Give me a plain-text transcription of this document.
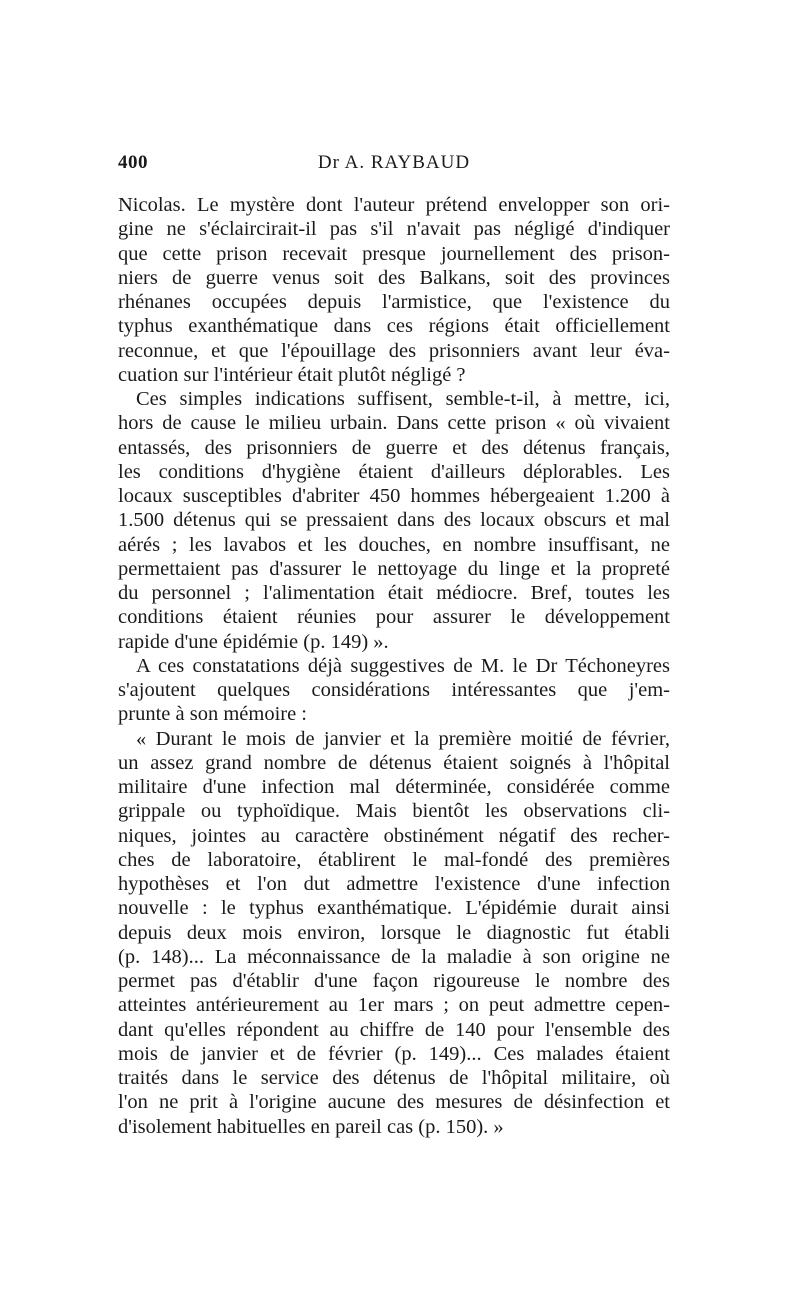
400	Dr A. RAYBAUD
Nicolas. Le mystère dont l'auteur prétend envelopper son ori-
gine ne s'éclaircirait-il pas s'il n'avait pas négligé d'indiquer
que cette prison recevait presque journellement des prison-
niers de guerre venus soit des Balkans, soit des provinces
rhénanes occupées depuis l'armistice, que l'existence du
typhus exanthématique dans ces régions était officiellement
reconnue, et que l'épouillage des prisonniers avant leur éva-
cuation sur l'intérieur était plutôt négligé ?
Ces simples indications suffisent, semble-t-il, à mettre, ici,
hors de cause le milieu urbain. Dans cette prison « où vivaient
entassés, des prisonniers de guerre et des détenus français,
les conditions d'hygiène étaient d'ailleurs déplorables. Les
locaux susceptibles d'abriter 450 hommes hébergeaient 1.200 à
1.500 détenus qui se pressaient dans des locaux obscurs et mal
aérés ; les lavabos et les douches, en nombre insuffisant, ne
permettaient pas d'assurer le nettoyage du linge et la propreté
du personnel ; l'alimentation était médiocre. Bref, toutes les
conditions étaient réunies pour assurer le développement
rapide d'une épidémie (p. 149) ».
A ces constatations déjà suggestives de M. le Dr Téchoneyres
s'ajoutent quelques considérations intéressantes que j'em-
prunte à son mémoire :
« Durant le mois de janvier et la première moitié de février,
un assez grand nombre de détenus étaient soignés à l'hôpital
militaire d'une infection mal déterminée, considérée comme
grippale ou typhoïdique. Mais bientôt les observations cli-
niques, jointes au caractère obstinément négatif des recher-
ches de laboratoire, établirent le mal-fondé des premières
hypothèses et l'on dut admettre l'existence d'une infection
nouvelle : le typhus exanthématique. L'épidémie durait ainsi
depuis deux mois environ, lorsque le diagnostic fut établi
(p. 148)... La méconnaissance de la maladie à son origine ne
permet pas d'établir d'une façon rigoureuse le nombre des
atteintes antérieurement au 1er mars ; on peut admettre cepen-
dant qu'elles répondent au chiffre de 140 pour l'ensemble des
mois de janvier et de février (p. 149)... Ces malades étaient
traités dans le service des détenus de l'hôpital militaire, où
l'on ne prit à l'origine aucune des mesures de désinfection et
d'isolement habituelles en pareil cas (p. 150). »
